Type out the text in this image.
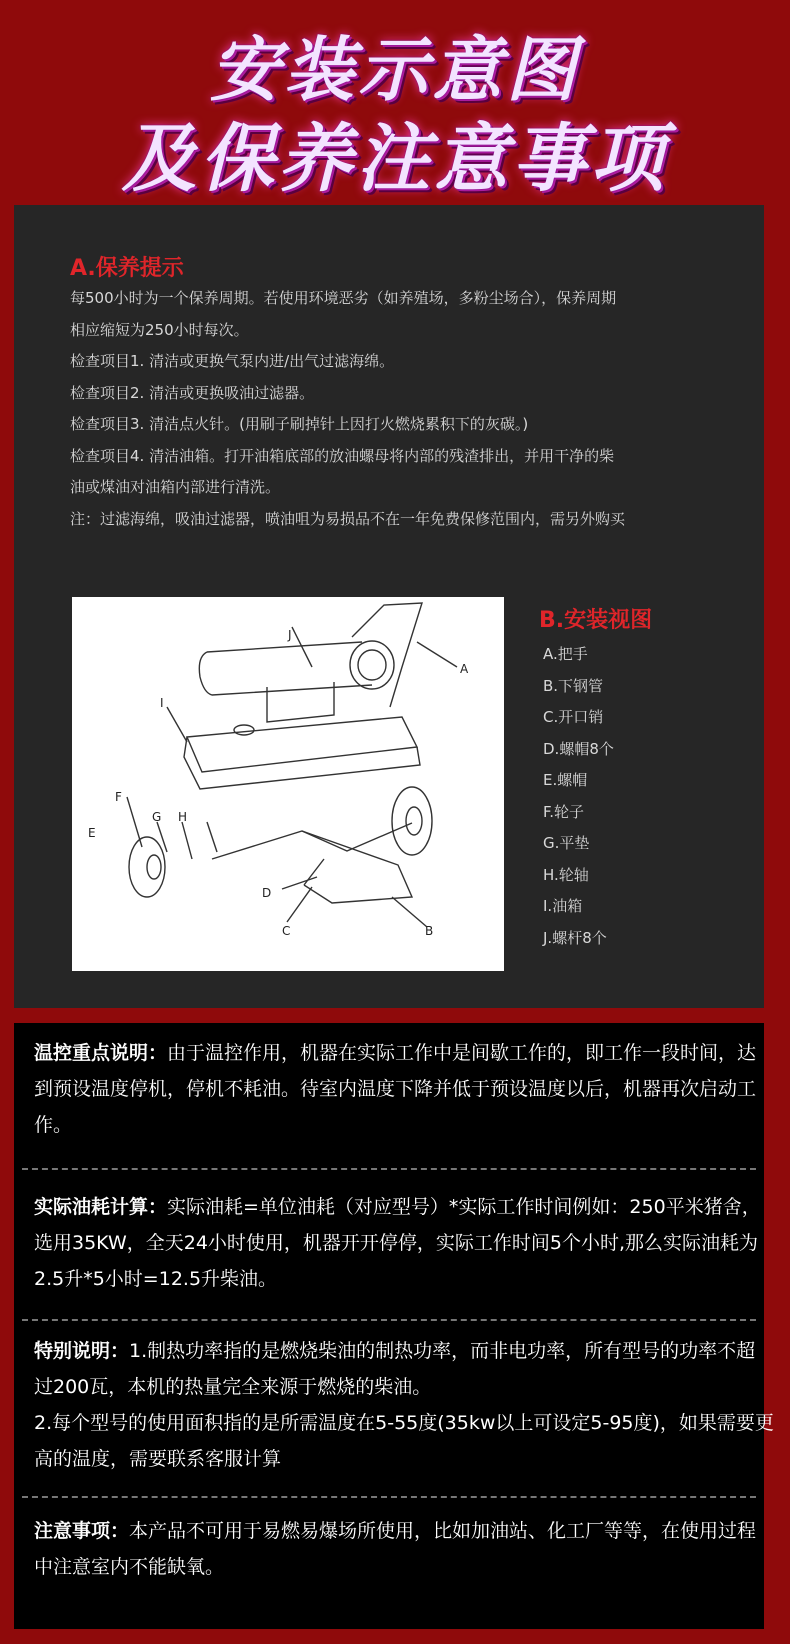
安装示意图
及保养注意事项
A.保养提示

每500小时为一个保养周期。若使用环境恶劣（如养殖场，多粉尘场合），保养周期

相应缩短为250小时每次。

检查项目1. 清洁或更换气泵内进/出气过滤海绵。

检查项目2. 清洁或更换吸油过滤器。

检查项目3. 清洁点火针。(用刷子刷掉针上因打火燃烧累积下的灰碳。)

检查项目4. 清洁油箱。打开油箱底部的放油螺母将内部的残渣排出，并用干净的柴

油或煤油对油箱内部进行清洗。

注：过滤海绵，吸油过滤器，喷油咀为易损品不在一年免费保修范围内，需另外购买

A
B
C
D
E
F
G H
I
J
B.安装视图
A.把手
B.下钢管
C.开口销
D.螺帽8个
E.螺帽
F.轮子
G.平垫
H.轮轴
I.油箱
J.螺杆8个
温控重点说明：由于温控作用，机器在实际工作中是间歇工作的，即工作一段时间，达到预设温度停机，停机不耗油。待室内温度下降并低于预设温度以后，机器再次启动工作。
实际油耗计算：实际油耗=单位油耗（对应型号）*实际工作时间例如：250平米猪舍，选用35KW，全天24小时使用，机器开开停停，实际工作时间5个小时,那么实际油耗为2.5升*5小时=12.5升柴油。
特别说明：1.制热功率指的是燃烧柴油的制热功率，而非电功率，所有型号的功率不超过200瓦，本机的热量完全来源于燃烧的柴油。
2.每个型号的使用面积指的是所需温度在5-55度(35kw以上可设定5-95度)，如果需要更高的温度，需要联系客服计算
注意事项：本产品不可用于易燃易爆场所使用，比如加油站、化工厂等等，在使用过程中注意室内不能缺氧。
